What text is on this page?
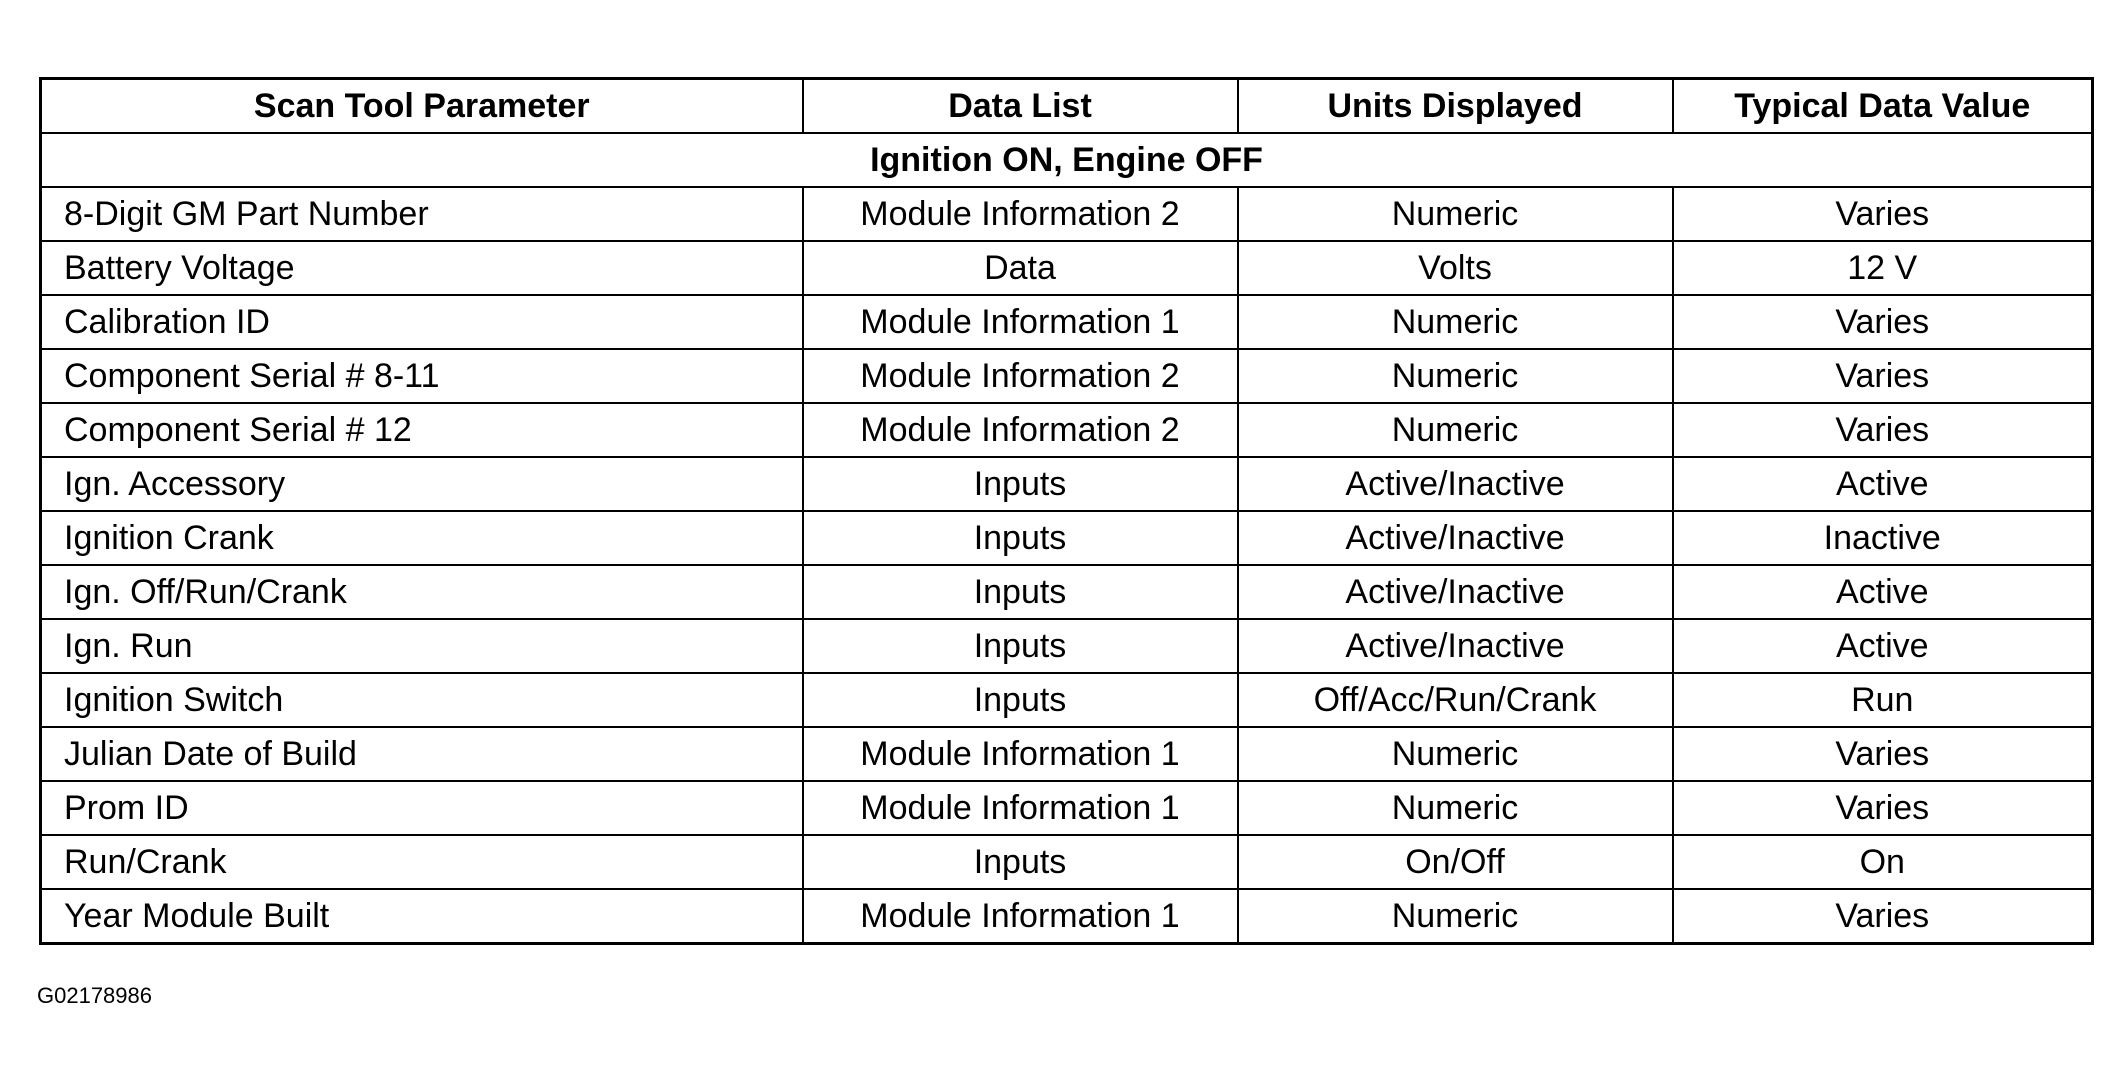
Scan Tool Parameter	Data List	Units Displayed	Typical Data Value
Ignition ON, Engine OFF			
8-Digit GM Part Number	Module Information 2	Numeric	Varies
Battery Voltage	Data	Volts	12 V
Calibration ID	Module Information 1	Numeric	Varies
Component Serial # 8-11	Module Information 2	Numeric	Varies
Component Serial # 12	Module Information 2	Numeric	Varies
Ign. Accessory	Inputs	Active/Inactive	Active
Ignition Crank	Inputs	Active/Inactive	Inactive
Ign. Off/Run/Crank	Inputs	Active/Inactive	Active
Ign. Run	Inputs	Active/Inactive	Active
Ignition Switch	Inputs	Off/Acc/Run/Crank	Run
Julian Date of Build	Module Information 1	Numeric	Varies
Prom ID	Module Information 1	Numeric	Varies
Run/Crank	Inputs	On/Off	On
Year Module Built	Module Information 1	Numeric	Varies
G02178986
